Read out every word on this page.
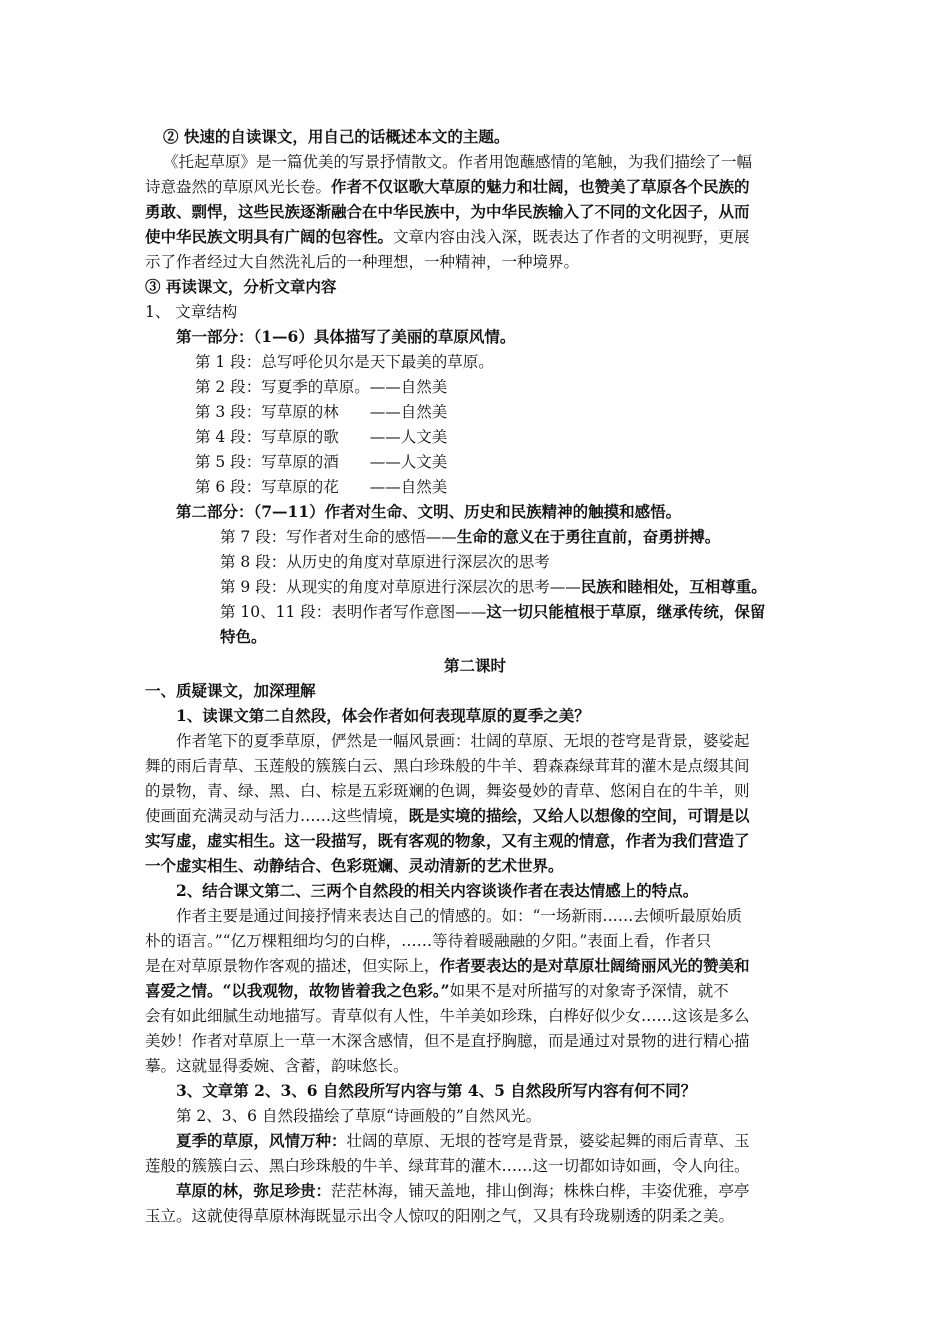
② 快速的自读课文，用自己的话概述本文的主题。
《托起草原》是一篇优美的写景抒情散文。作者用饱蘸感情的笔触，为我们描绘了一幅
诗意盎然的草原风光长卷。作者不仅讴歌大草原的魅力和壮阔，也赞美了草原各个民族的
勇敢、剽悍，这些民族逐渐融合在中华民族中，为中华民族输入了不同的文化因子，从而
使中华民族文明具有广阔的包容性。文章内容由浅入深，既表达了作者的文明视野，更展
示了作者经过大自然洗礼后的一种理想，一种精神，一种境界。
③ 再读课文，分析文章内容
1、 文章结构
第一部分：（1—6）具体描写了美丽的草原风情。
第 1 段：总写呼伦贝尔是天下最美的草原。
第 2 段：写夏季的草原。——自然美
第 3 段：写草原的林　　——自然美
第 4 段：写草原的歌　　——人文美
第 5 段：写草原的酒　　——人文美
第 6 段：写草原的花　　——自然美
第二部分：（7—11）作者对生命、文明、历史和民族精神的触摸和感悟。
第 7 段：写作者对生命的感悟——生命的意义在于勇往直前，奋勇拼搏。
第 8 段：从历史的角度对草原进行深层次的思考
第 9 段：从现实的角度对草原进行深层次的思考——民族和睦相处，互相尊重。
第 10、11 段：表明作者写作意图——这一切只能植根于草原，继承传统，保留
特色。
第二课时
一、质疑课文，加深理解
1、读课文第二自然段，体会作者如何表现草原的夏季之美？
作者笔下的夏季草原，俨然是一幅风景画：壮阔的草原、无垠的苍穹是背景，婆娑起
舞的雨后青草、玉莲般的簇簇白云、黑白珍珠般的牛羊、碧森森绿茸茸的灌木是点缀其间
的景物，青、绿、黑、白、棕是五彩斑斓的色调，舞姿曼妙的青草、悠闲自在的牛羊，则
使画面充满灵动与活力……这些情境，既是实境的描绘，又给人以想像的空间，可谓是以
实写虚，虚实相生。这一段描写，既有客观的物象，又有主观的情意，作者为我们营造了
一个虚实相生、动静结合、色彩斑斓、灵动清新的艺术世界。
2、结合课文第二、三两个自然段的相关内容谈谈作者在表达情感上的特点。
作者主要是通过间接抒情来表达自己的情感的。如：“一场新雨……去倾听最原始质
朴的语言。”“亿万棵粗细均匀的白桦，……等待着暖融融的夕阳。”表面上看，作者只
是在对草原景物作客观的描述，但实际上，作者要表达的是对草原壮阔绮丽风光的赞美和
喜爱之情。“以我观物，故物皆着我之色彩。”如果不是对所描写的对象寄予深情，就不
会有如此细腻生动地描写。青草似有人性，牛羊美如珍珠，白桦好似少女……这该是多么
美妙！作者对草原上一草一木深含感情，但不是直抒胸臆，而是通过对景物的进行精心描
摹。这就显得委婉、含蓄，韵味悠长。
3、文章第 2、3、6 自然段所写内容与第 4、5 自然段所写内容有何不同？
第 2、3、6 自然段描绘了草原“诗画般的”自然风光。
夏季的草原，风情万种：壮阔的草原、无垠的苍穹是背景，婆娑起舞的雨后青草、玉
莲般的簇簇白云、黑白珍珠般的牛羊、绿茸茸的灌木……这一切都如诗如画，令人向往。
草原的林，弥足珍贵：茫茫林海，铺天盖地，排山倒海；株株白桦，丰姿优雅，亭亭
玉立。这就使得草原林海既显示出令人惊叹的阳刚之气，又具有玲珑剔透的阴柔之美。
